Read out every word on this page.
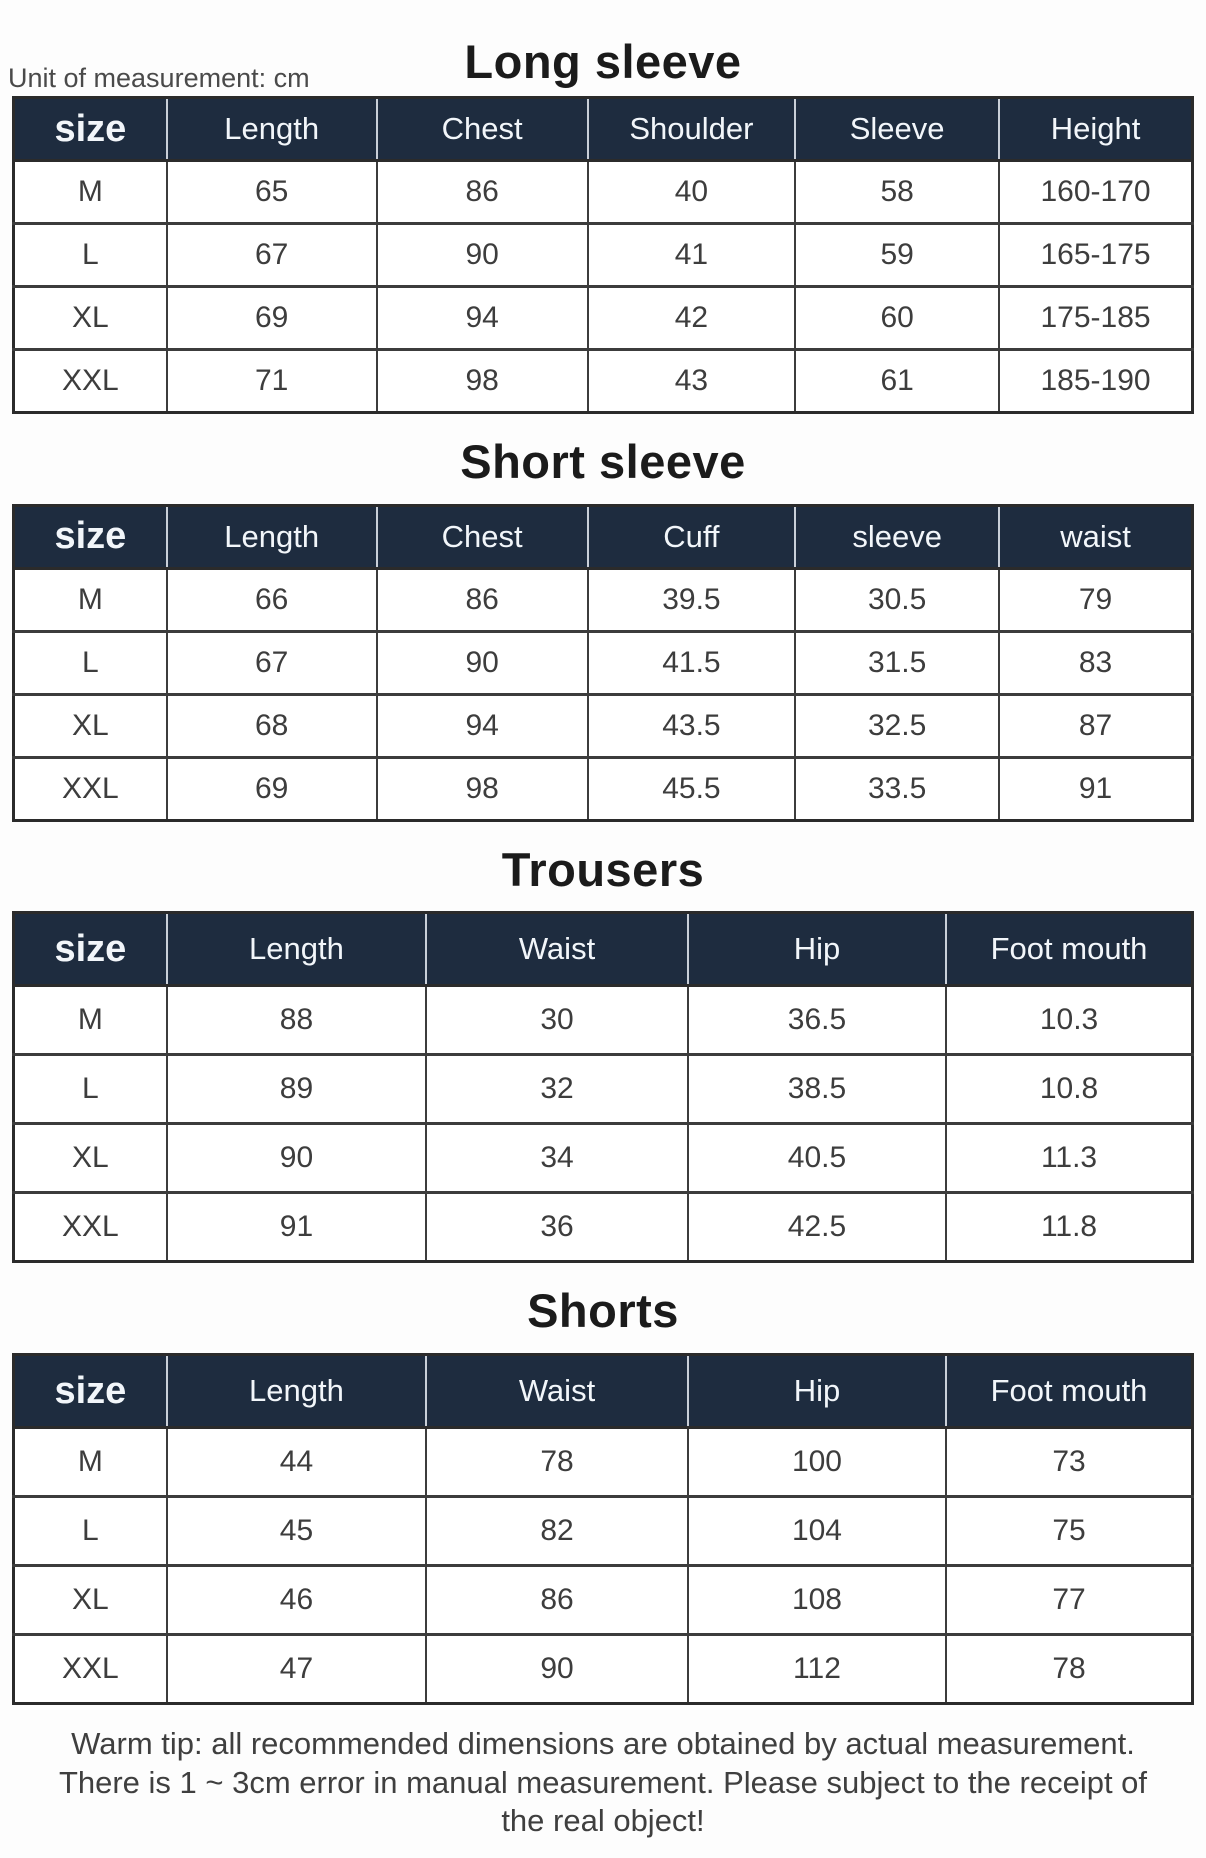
Unit of measurement: cm	Long sleeve
size	Length	Chest	Shoulder	Sleeve	Height
M	65	86	40	58	160-170
L	67	90	41	59	165-175
XL	69	94	42	60	175-185
XXL	71	98	43	61	185-190
Short sleeve
size	Length	Chest	Cuff	sleeve	waist
M	66	86	39.5	30.5	79
L	67	90	41.5	31.5	83
XL	68	94	43.5	32.5	87
XXL	69	98	45.5	33.5	91
Trousers
size	Length	Waist	Hip	Foot mouth
M	88	30	36.5	10.3
L	89	32	38.5	10.8
XL	90	34	40.5	11.3
XXL	91	36	42.5	11.8
Shorts
size	Length	Waist	Hip	Foot mouth
M	44	78	100	73
L	45	82	104	75
XL	46	86	108	77
XXL	47	90	112	78

Warm tip: all recommended dimensions are obtained by actual measurement. There is 1 ~ 3cm error in manual measurement. Please subject to the receipt of the real object!
